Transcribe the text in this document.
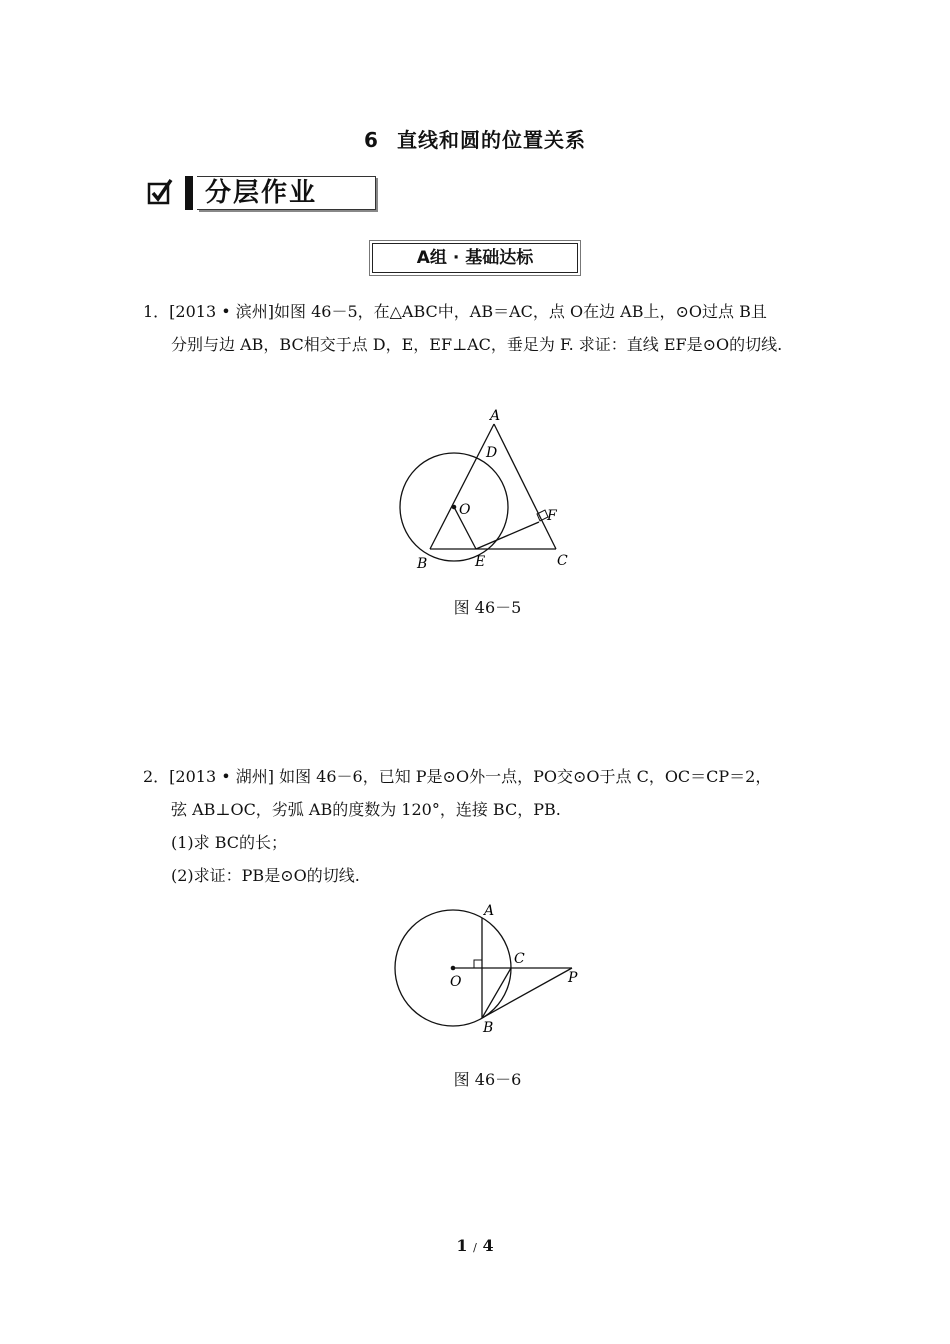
6 直线和圆的位置关系
分层作业
A组 · 基础达标
1．[2013 • 滨州]如图 46－5，在△ABC中，AB＝AC，点 O在边 AB上，⊙O过点 B且
分别与边 AB，BC相交于点 D，E，EF⊥AC，垂足为 F. 求证：直线 EF是⊙O的切线.
A
D
O	F
B	E	C
图 46－5
2．[2013 • 湖州] 如图 46－6，已知 P是⊙O外一点，PO交⊙O于点 C，OC＝CP＝2，
弦 AB⊥OC，劣弧 AB的度数为 120°，连接 BC，PB.
(1)求 BC的长；
(2)求证：PB是⊙O的切线.
A
O
C
P
B
图 46－6
1 / 4
